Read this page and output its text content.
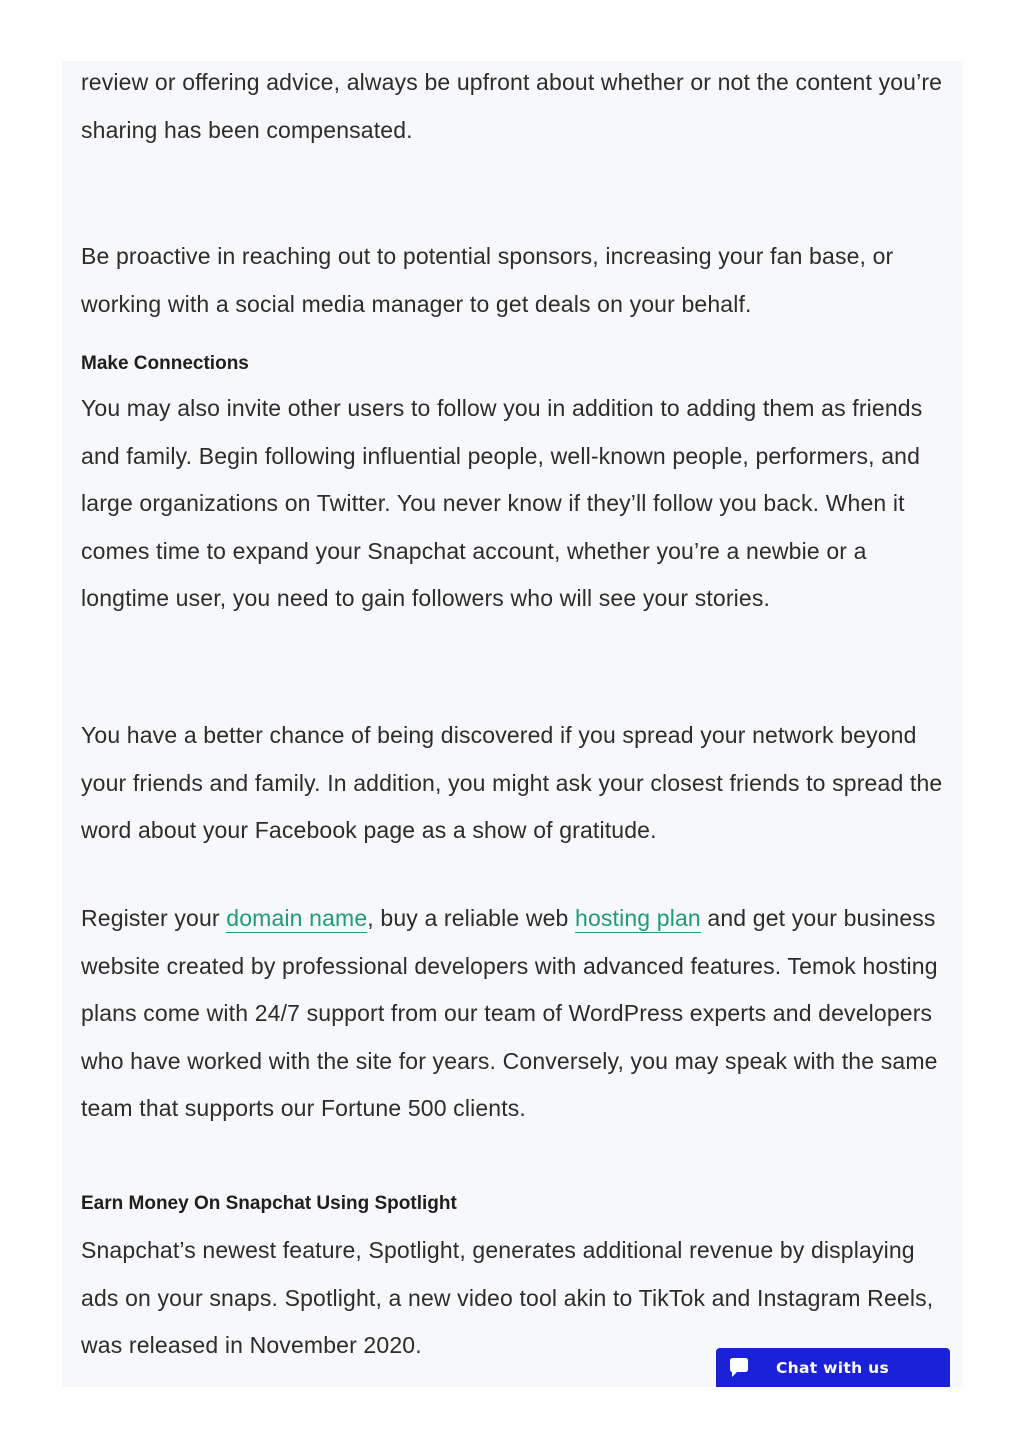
review or offering advice, always be upfront about whether or not the content you’re sharing has been compensated.

Be proactive in reaching out to potential sponsors, increasing your fan base, or working with a social media manager to get deals on your behalf.

Make Connections

You may also invite other users to follow you in addition to adding them as friends and family. Begin following influential people, well-known people, performers, and large organizations on Twitter. You never know if they’ll follow you back. When it comes time to expand your Snapchat account, whether you’re a newbie or a longtime user, you need to gain followers who will see your stories.

You have a better chance of being discovered if you spread your network beyond your friends and family. In addition, you might ask your closest friends to spread the word about your Facebook page as a show of gratitude.

Register your domain name, buy a reliable web hosting plan and get your business website created by professional developers with advanced features. Temok hosting plans come with 24/7 support from our team of WordPress experts and developers who have worked with the site for years. Conversely, you may speak with the same team that supports our Fortune 500 clients.

Earn Money On Snapchat Using Spotlight

Snapchat’s newest feature, Spotlight, generates additional revenue by displaying ads on your snaps. Spotlight, a new video tool akin to TikTok and Instagram Reels, was released in November 2020.

Chat with us
